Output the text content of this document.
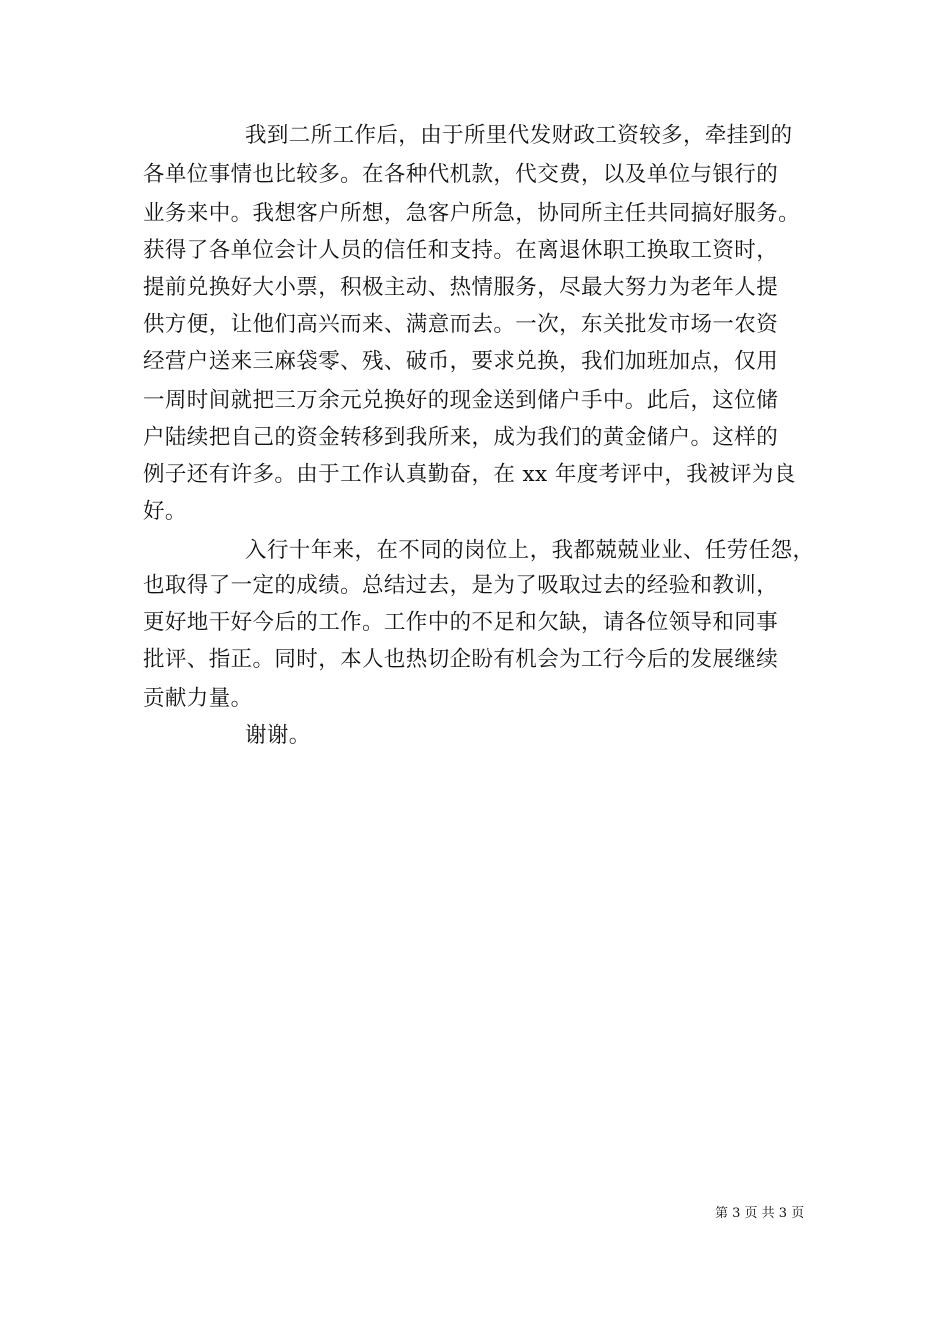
我到二所工作后，由于所里代发财政工资较多，牵挂到的
各单位事情也比较多。在各种代机款，代交费，以及单位与银行的
业务来中。我想客户所想，急客户所急，协同所主任共同搞好服务。
获得了各单位会计人员的信任和支持。在离退休职工换取工资时，
提前兑换好大小票，积极主动、热情服务，尽最大努力为老年人提
供方便，让他们高兴而来、满意而去。一次，东关批发市场一农资
经营户送来三麻袋零、残、破币，要求兑换，我们加班加点，仅用
一周时间就把三万余元兑换好的现金送到储户手中。此后，这位储
户陆续把自己的资金转移到我所来，成为我们的黄金储户。这样的
例子还有许多。由于工作认真勤奋，在 xx 年度考评中，我被评为良
好。
入行十年来，在不同的岗位上，我都兢兢业业、任劳任怨，
也取得了一定的成绩。总结过去，是为了吸取过去的经验和教训，
更好地干好今后的工作。工作中的不足和欠缺，请各位领导和同事
批评、指正。同时，本人也热切企盼有机会为工行今后的发展继续
贡献力量。
谢谢。
第 3 页 共 3 页
